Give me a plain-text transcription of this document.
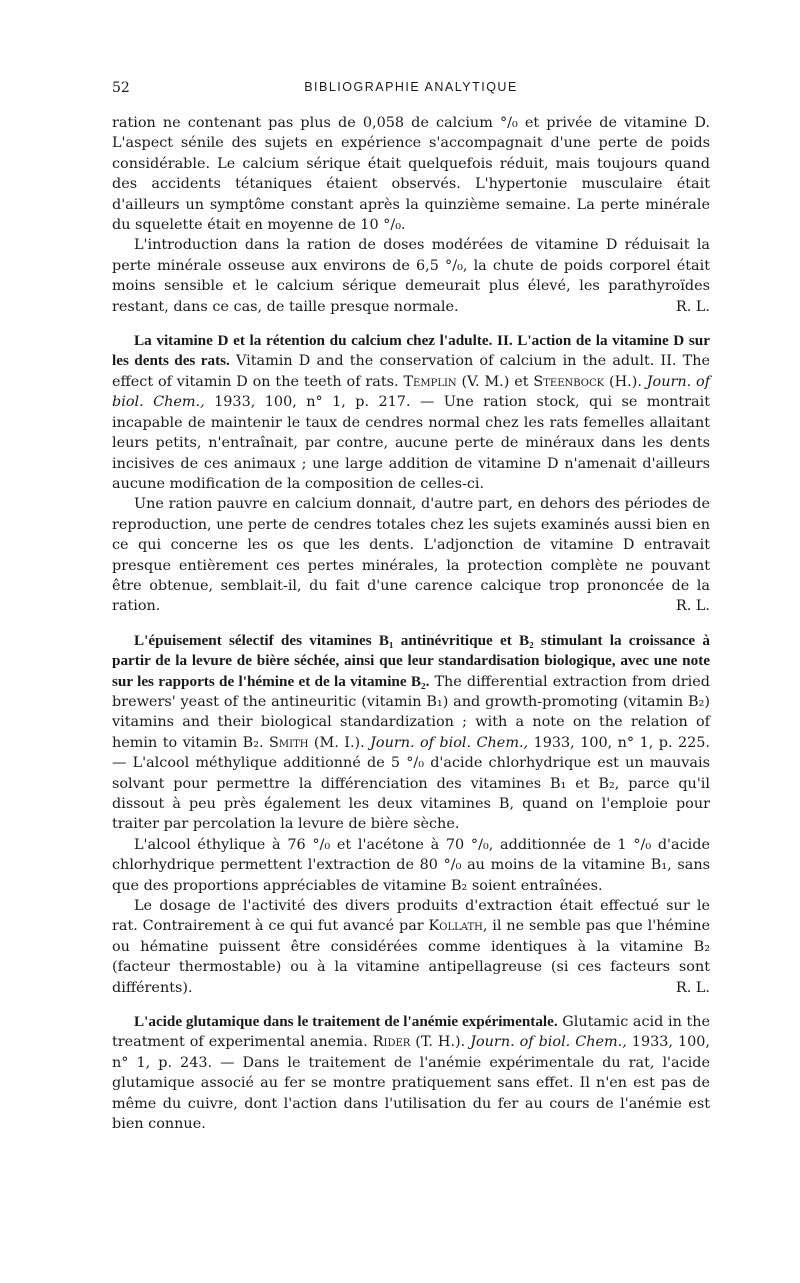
52	BIBLIOGRAPHIE ANALYTIQUE

ration ne contenant pas plus de 0,058 de calcium °/₀ et privée de vitamine D. L'aspect sénile des sujets en expérience s'accompagnait d'une perte de poids considérable. Le calcium sérique était quelquefois réduit, mais toujours quand des accidents tétaniques étaient observés. L'hypertonie musculaire était d'ailleurs un symptôme constant après la quinzième semaine. La perte minérale du squelette était en moyenne de 10 °/₀.

L'introduction dans la ration de doses modérées de vitamine D réduisait la perte minérale osseuse aux environs de 6,5 °/₀, la chute de poids corporel était moins sensible et le calcium sérique demeurait plus élevé, les parathyroïdes restant, dans ce cas, de taille presque normale.	R. L.

La vitamine D et la rétention du calcium chez l'adulte. II. L'action de la vitamine D sur les dents des rats. Vitamin D and the conservation of calcium in the adult. II. The effect of vitamin D on the teeth of rats. Templin (V. M.) et Steenbock (H.). Journ. of biol. Chem., 1933, 100, n° 1, p. 217. — Une ration stock, qui se montrait incapable de maintenir le taux de cendres normal chez les rats femelles allaitant leurs petits, n'entraînait, par contre, aucune perte de minéraux dans les dents incisives de ces animaux ; une large addition de vitamine D n'amenait d'ailleurs aucune modification de la composition de celles-ci.

Une ration pauvre en calcium donnait, d'autre part, en dehors des périodes de reproduction, une perte de cendres totales chez les sujets examinés aussi bien en ce qui concerne les os que les dents. L'adjonction de vitamine D entravait presque entièrement ces pertes minérales, la protection complète ne pouvant être obtenue, semblait-il, du fait d'une carence calcique trop prononcée de la ration.	R. L.

L'épuisement sélectif des vitamines B₁ antinévritique et B₂ stimulant la croissance à partir de la levure de bière séchée, ainsi que leur standardisation biologique, avec une note sur les rapports de l'hémine et de la vitamine B₂. The differential extraction from dried brewers' yeast of the antineuritic (vitamin B₁) and growth-promoting (vitamin B₂) vitamins and their biological standardization ; with a note on the relation of hemin to vitamin B₂. Smith (M. I.). Journ. of biol. Chem., 1933, 100, n° 1, p. 225. — L'alcool méthylique additionné de 5 °/₀ d'acide chlorhydrique est un mauvais solvant pour permettre la différenciation des vitamines B₁ et B₂, parce qu'il dissout à peu près également les deux vitamines B, quand on l'emploie pour traiter par percolation la levure de bière sèche.

L'alcool éthylique à 76 °/₀ et l'acétone à 70 °/₀, additionnée de 1 °/₀ d'acide chlorhydrique permettent l'extraction de 80 °/₀ au moins de la vitamine B₁, sans que des proportions appréciables de vitamine B₂ soient entraînées.

Le dosage de l'activité des divers produits d'extraction était effectué sur le rat. Contrairement à ce qui fut avancé par Kollath, il ne semble pas que l'hémine ou hématine puissent être considérées comme identiques à la vitamine B₂ (facteur thermostable) ou à la vitamine antipellagreuse (si ces facteurs sont différents).	R. L.

L'acide glutamique dans le traitement de l'anémie expérimentale. Glutamic acid in the treatment of experimental anemia. Rider (T. H.). Journ. of biol. Chem., 1933, 100, n° 1, p. 243. — Dans le traitement de l'anémie expérimentale du rat, l'acide glutamique associé au fer se montre pratiquement sans effet. Il n'en est pas de même du cuivre, dont l'action dans l'utilisation du fer au cours de l'anémie est bien connue.
